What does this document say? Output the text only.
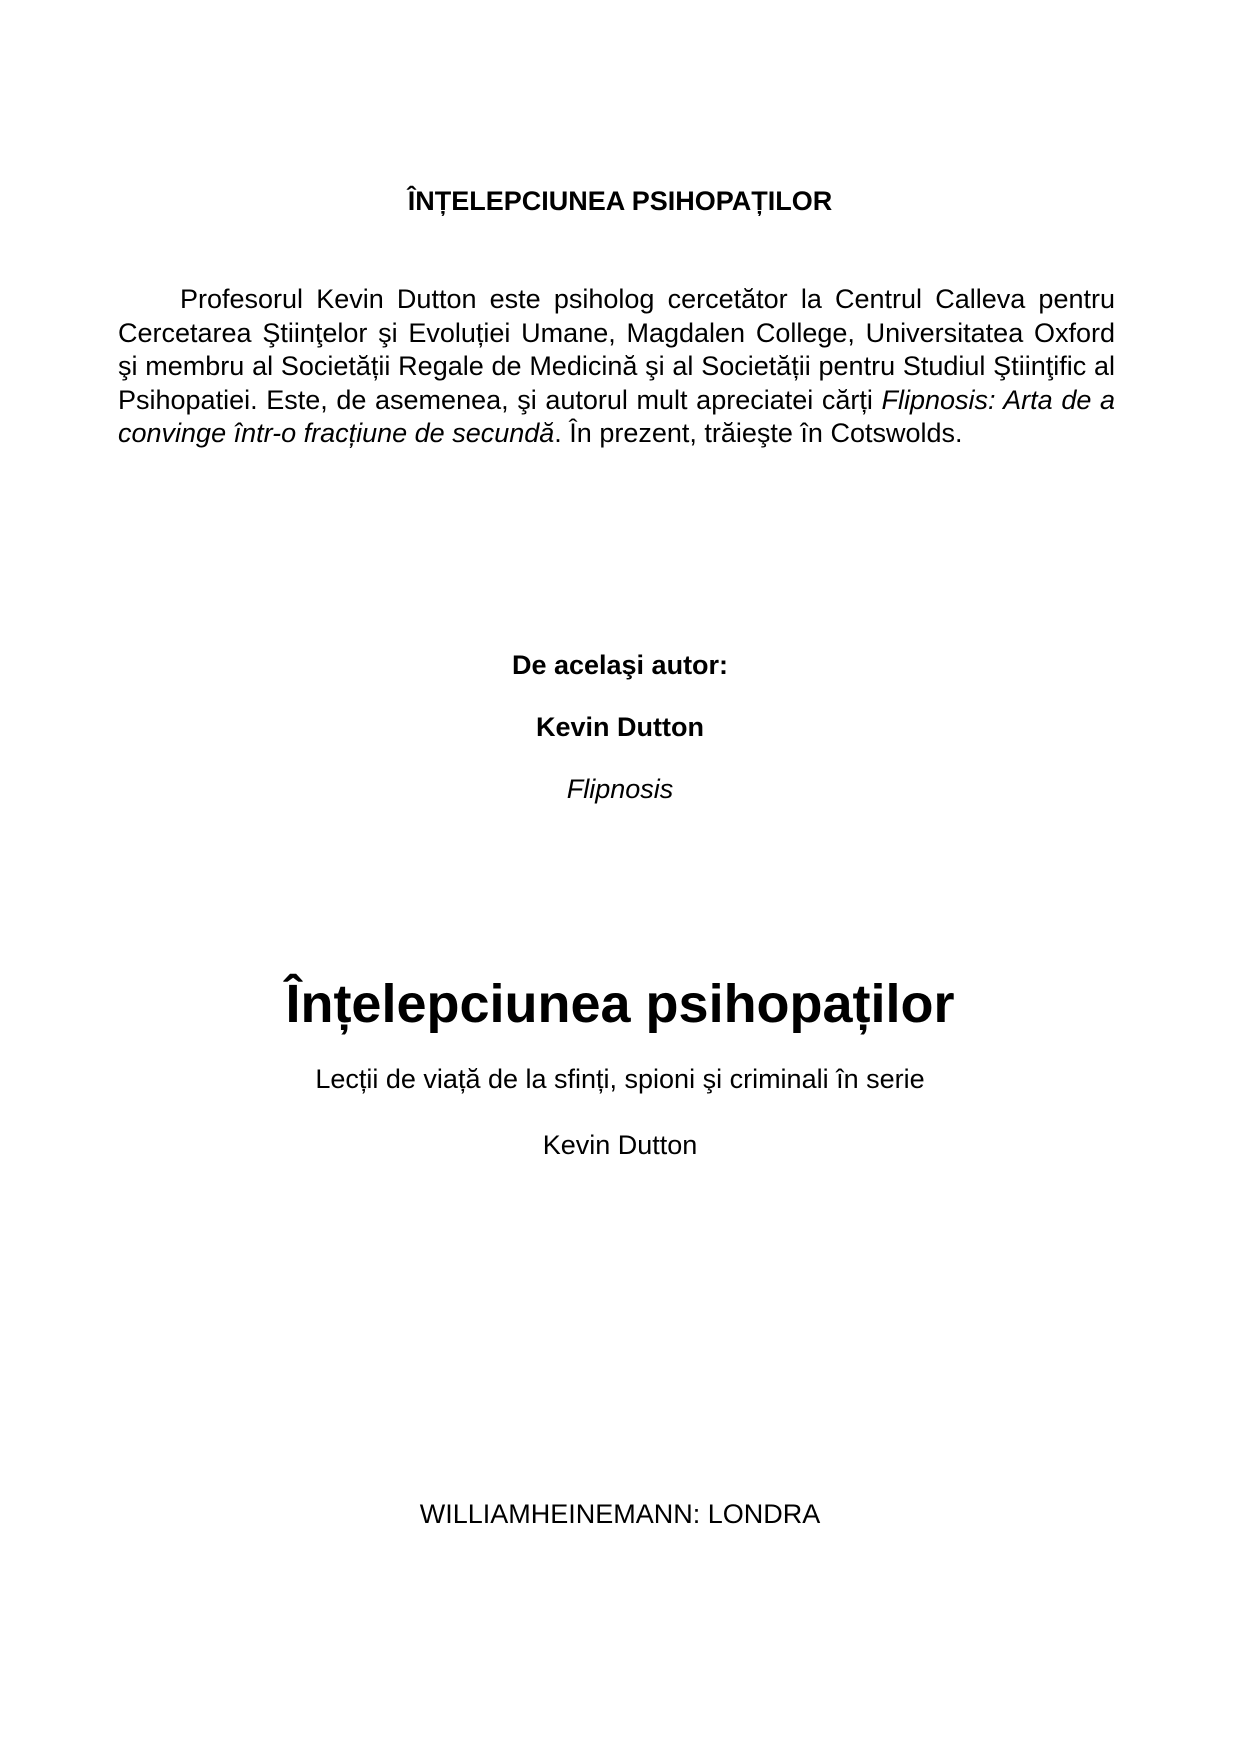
ÎNȚELEPCIUNEA PSIHOPAȚILOR

Profesorul Kevin Dutton este psiholog cercetător la Centrul Calleva pentru Cercetarea Ştiinţelor şi Evoluției Umane, Magdalen College, Universitatea Oxford şi membru al Societății Regale de Medicină şi al Societății pentru Studiul Ştiinţific al Psihopatiei. Este, de asemenea, şi autorul mult apreciatei cărți Flipnosis: Arta de a convinge într-o fracțiune de secundă. În prezent, trăieşte în Cotswolds.

De acelaşi autor:
Kevin Dutton
Flipnosis
Înțelepciunea psihopaților
Lecții de viață de la sfinți, spioni şi criminali în serie
Kevin Dutton
WILLIAMHEINEMANN: LONDRA
